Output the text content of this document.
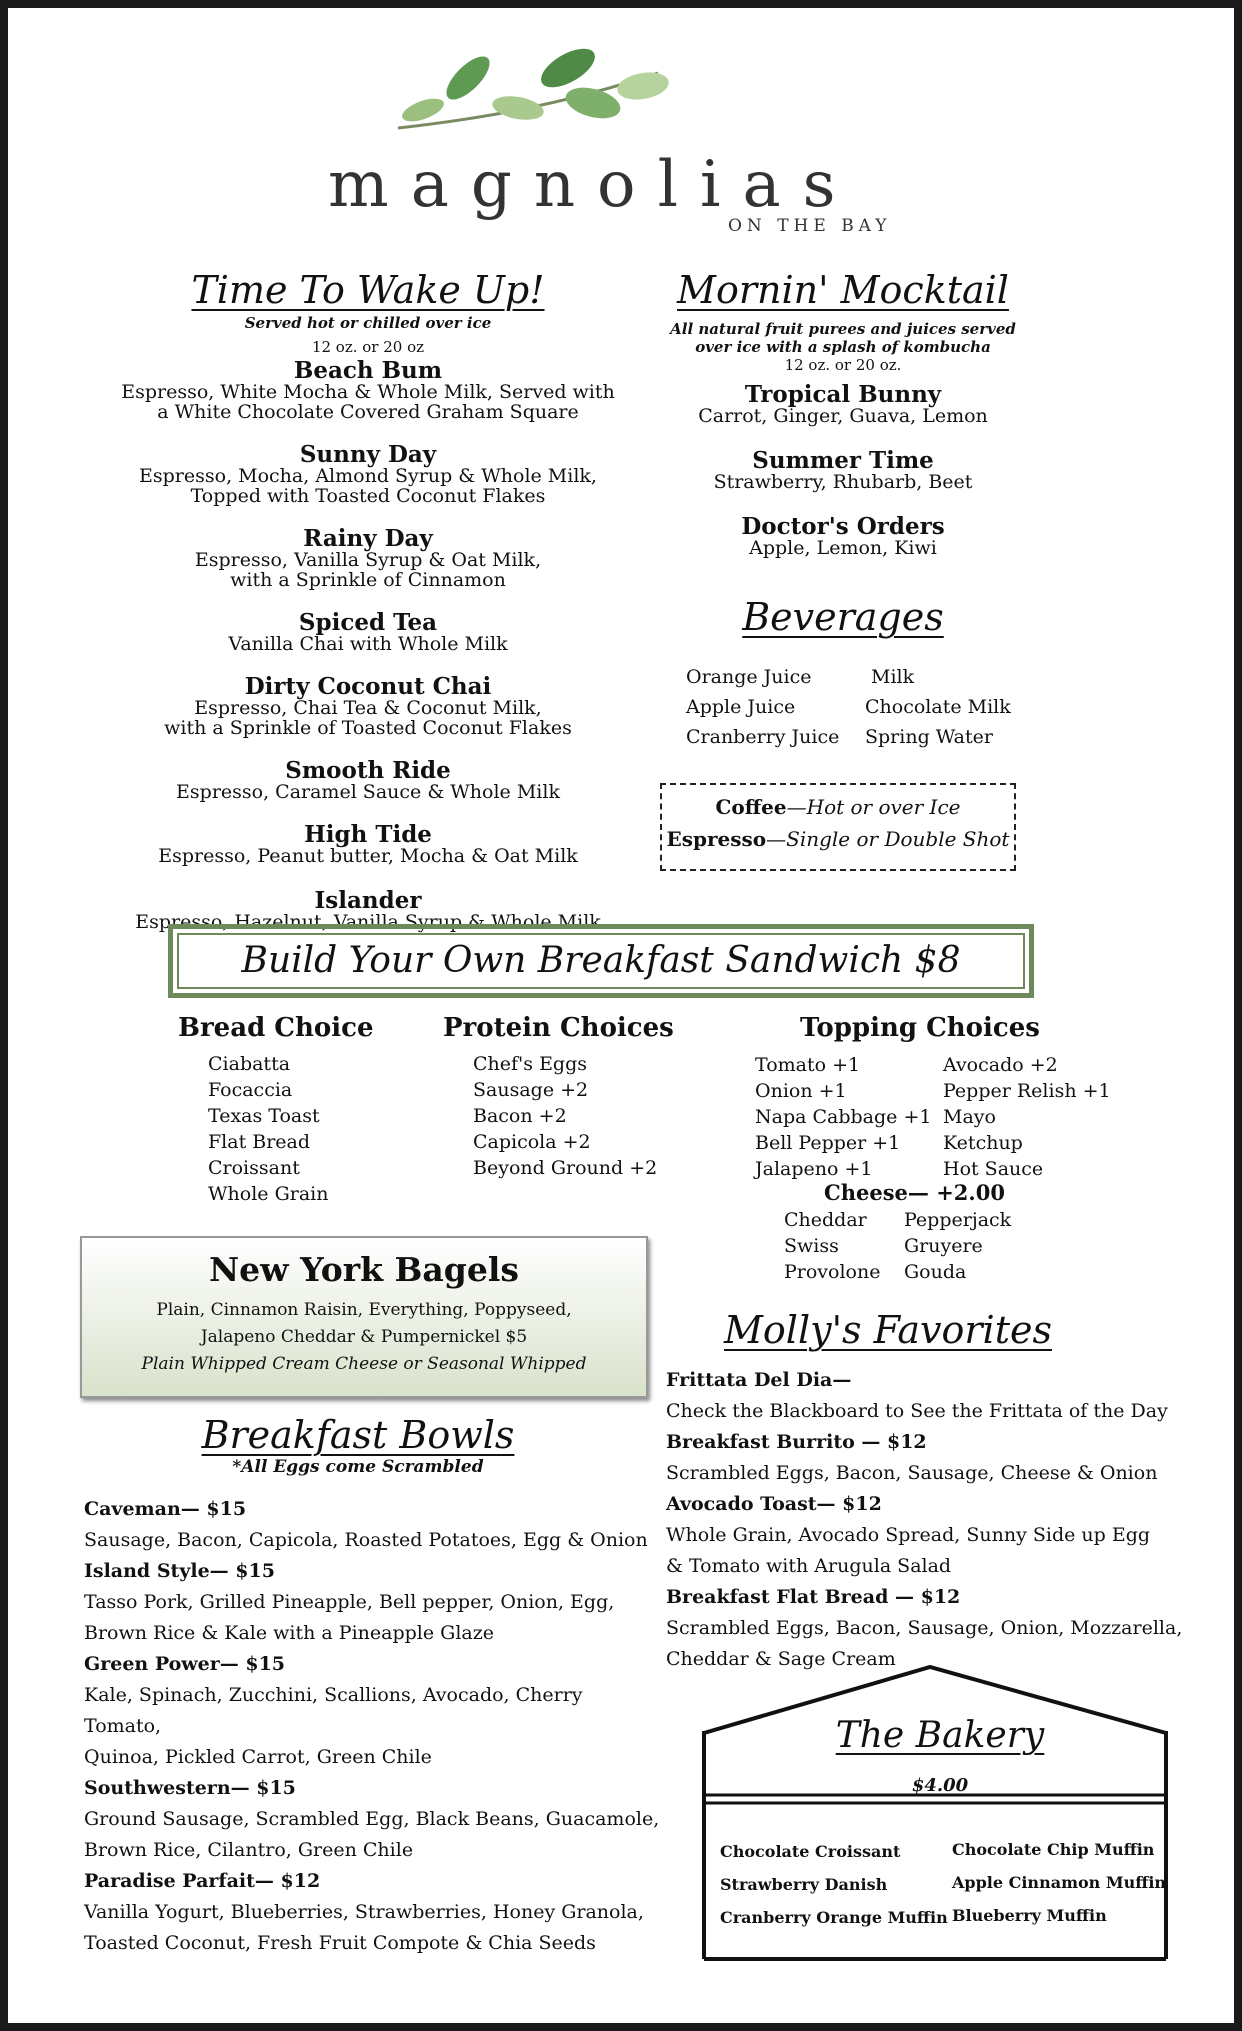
magnolias
ON THE BAY
Time To Wake Up!
Served hot or chilled over ice
12 oz. or 20 oz
Beach Bum
Espresso, White Mocha & Whole Milk, Served with
a White Chocolate Covered Graham Square
Sunny Day
Espresso, Mocha, Almond Syrup & Whole Milk,
Topped with Toasted Coconut Flakes
Rainy Day
Espresso, Vanilla Syrup & Oat Milk,
with a Sprinkle of Cinnamon
Spiced Tea
Vanilla Chai with Whole Milk
Dirty Coconut Chai
Espresso, Chai Tea & Coconut Milk,
with a Sprinkle of Toasted Coconut Flakes
Smooth Ride
Espresso, Caramel Sauce & Whole Milk
High Tide
Espresso, Peanut butter, Mocha & Oat Milk
Islander
Espresso, Hazelnut, Vanilla Syrup & Whole Milk
Mornin' Mocktail
All natural fruit purees and juices served
over ice with a splash of kombucha
12 oz. or 20 oz.
Tropical Bunny
Carrot, Ginger, Guava, Lemon
Summer Time
Strawberry, Rhubarb, Beet
Doctor's Orders
Apple, Lemon, Kiwi
Beverages
Orange Juice
Apple Juice
Cranberry Juice
Milk
Chocolate Milk
Spring Water
Coffee—Hot or over Ice
Espresso—Single or Double Shot
Build Your Own Breakfast Sandwich $8
Bread Choice
Ciabatta
Focaccia
Texas Toast
Flat Bread
Croissant
Whole Grain
Protein Choices
Chef's Eggs
Sausage +2
Bacon +2
Capicola +2
Beyond Ground +2
Topping Choices
Tomato +1
Onion +1
Napa Cabbage +1
Bell Pepper +1
Jalapeno +1
Avocado +2
Pepper Relish +1
Mayo
Ketchup
Hot Sauce
Cheese— +2.00
Cheddar
Swiss
Provolone
Pepperjack
Gruyere
Gouda
New York Bagels
Plain, Cinnamon Raisin, Everything, Poppyseed,
Jalapeno Cheddar & Pumpernickel $5
Plain Whipped Cream Cheese or Seasonal Whipped
Breakfast Bowls
*All Eggs come Scrambled
Caveman— $15
Sausage, Bacon, Capicola, Roasted Potatoes, Egg & Onion
Island Style— $15
Tasso Pork, Grilled Pineapple, Bell pepper, Onion, Egg,
Brown Rice & Kale with a Pineapple Glaze
Green Power— $15
Kale, Spinach, Zucchini, Scallions, Avocado, Cherry Tomato,
Quinoa, Pickled Carrot, Green Chile
Southwestern— $15
Ground Sausage, Scrambled Egg, Black Beans, Guacamole,
Brown Rice, Cilantro, Green Chile
Paradise Parfait— $12
Vanilla Yogurt, Blueberries, Strawberries, Honey Granola,
Toasted Coconut, Fresh Fruit Compote & Chia Seeds
Molly's Favorites
Frittata Del Dia—
Check the Blackboard to See the Frittata of the Day
Breakfast Burrito — $12
Scrambled Eggs, Bacon, Sausage, Cheese & Onion
Avocado Toast— $12
Whole Grain, Avocado Spread, Sunny Side up Egg
& Tomato with Arugula Salad
Breakfast Flat Bread — $12
Scrambled Eggs, Bacon, Sausage, Onion, Mozzarella,
Cheddar & Sage Cream
The Bakery
$4.00
Chocolate Croissant
Strawberry Danish
Cranberry Orange Muffin
Chocolate Chip Muffin
Apple Cinnamon Muffin
Blueberry Muffin
